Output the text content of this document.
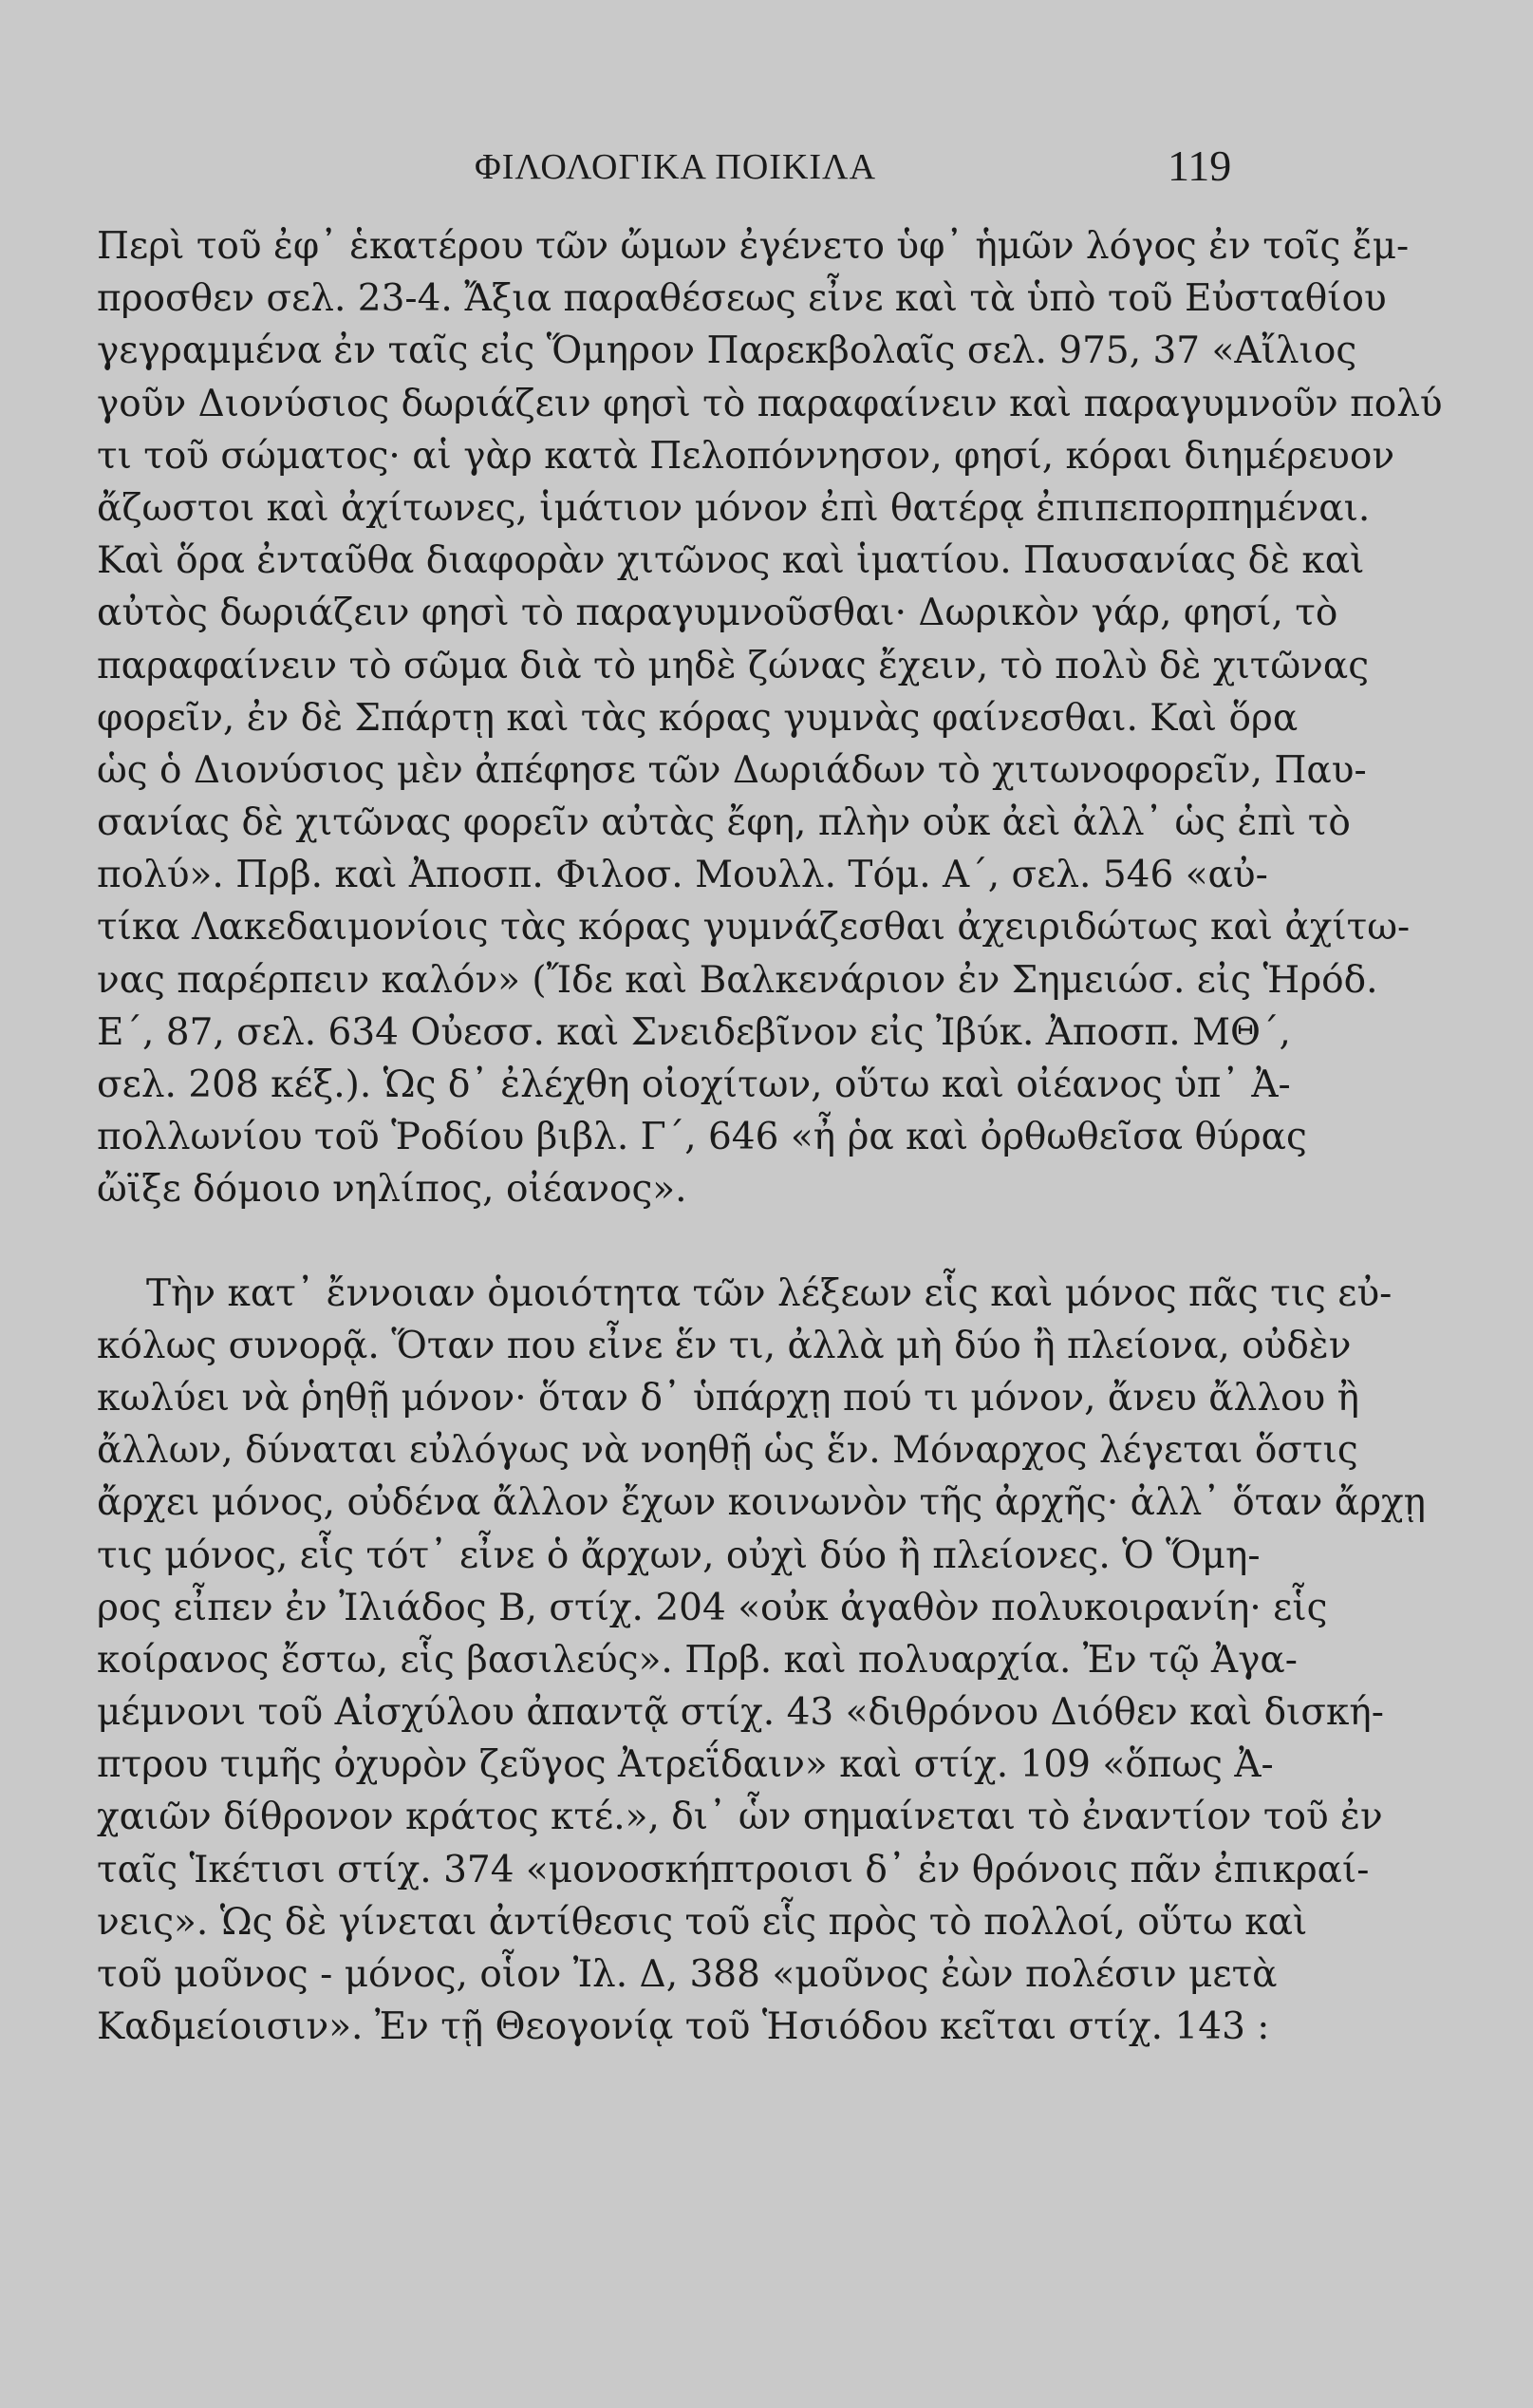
ΦΙΛΟΛΟΓΙΚΑ ΠΟΙΚΙΛΑ	119
Περὶ τοῦ ἐφ᾽ ἑκατέρου τῶν ὤμων ἐγένετο ὑφ᾽ ἡμῶν λόγος ἐν τοῖς ἔμ-
προσθεν σελ. 23-4. Ἄξια παραθέσεως εἶνε καὶ τὰ ὑπὸ τοῦ Εὐσταθίου
γεγραμμένα ἐν ταῖς εἰς Ὅμηρον Παρεκβολαῖς σελ. 975, 37 «Αἴλιος
γοῦν Διονύσιος δωριάζειν φησὶ τὸ παραφαίνειν καὶ παραγυμνοῦν πολύ
τι τοῦ σώματος· αἱ γὰρ κατὰ Πελοπόννησον, φησί, κόραι διημέρευον
ἄζωστοι καὶ ἀχίτωνες, ἱμάτιον μόνον ἐπὶ θατέρᾳ ἐπιπεπορπημέναι.
Καὶ ὅρα ἐνταῦθα διαφορὰν χιτῶνος καὶ ἱματίου. Παυσανίας δὲ καὶ
αὐτὸς δωριάζειν φησὶ τὸ παραγυμνοῦσθαι· Δωρικὸν γάρ, φησί, τὸ
παραφαίνειν τὸ σῶμα διὰ τὸ μηδὲ ζώνας ἔχειν, τὸ πολὺ δὲ χιτῶνας
φορεῖν, ἐν δὲ Σπάρτῃ καὶ τὰς κόρας γυμνὰς φαίνεσθαι. Καὶ ὅρα
ὡς ὁ Διονύσιος μὲν ἀπέφησε τῶν Δωριάδων τὸ χιτωνοφορεῖν, Παυ-
σανίας δὲ χιτῶνας φορεῖν αὐτὰς ἔφη, πλὴν οὐκ ἀεὶ ἀλλ᾽ ὡς ἐπὶ τὸ
πολύ». Πρβ. καὶ Ἀποσπ. Φιλοσ. Μουλλ. Τόμ. Α΄, σελ. 546 «αὐ-
τίκα Λακεδαιμονίοις τὰς κόρας γυμνάζεσθαι ἀχειριδώτως καὶ ἀχίτω-
νας παρέρπειν καλόν» (Ἴδε καὶ Βαλκενάριον ἐν Σημειώσ. εἰς Ἡρόδ.
Ε΄, 87, σελ. 634 Οὐεσσ. καὶ Σνειδεβῖνον εἰς Ἰβύκ. Ἀποσπ. ΜΘ΄,
σελ. 208 κέξ.). Ὡς δ᾽ ἐλέχθη οἰοχίτων, οὕτω καὶ οἰέανος ὑπ᾽ Ἀ-
πολλωνίου τοῦ Ῥοδίου βιβλ. Γ΄, 646 «ἦ ῥα καὶ ὀρθωθεῖσα θύρας
ὤϊξε δόμοιο νηλίπος, οἰέανος».
Τὴν κατ᾽ ἔννοιαν ὁμοιότητα τῶν λέξεων εἷς καὶ μόνος πᾶς τις εὐ-
κόλως συνορᾷ. Ὅταν που εἶνε ἕν τι, ἀλλὰ μὴ δύο ἢ πλείονα, οὐδὲν
κωλύει νὰ ῥηθῇ μόνον· ὅταν δ᾽ ὑπάρχῃ πού τι μόνον, ἄνευ ἄλλου ἢ
ἄλλων, δύναται εὐλόγως νὰ νοηθῇ ὡς ἕν. Μόναρχος λέγεται ὅστις
ἄρχει μόνος, οὐδένα ἄλλον ἔχων κοινωνὸν τῆς ἀρχῆς· ἀλλ᾽ ὅταν ἄρχῃ
τις μόνος, εἷς τότ᾽ εἶνε ὁ ἄρχων, οὐχὶ δύο ἢ πλείονες. Ὁ Ὅμη-
ρος εἶπεν ἐν Ἰλιάδος Β, στίχ. 204 «οὐκ ἀγαθὸν πολυκοιρανίη· εἷς
κοίρανος ἔστω, εἷς βασιλεύς». Πρβ. καὶ πολυαρχία. Ἐν τῷ Ἀγα-
μέμνονι τοῦ Αἰσχύλου ἀπαντᾷ στίχ. 43 «διθρόνου Διόθεν καὶ δισκή-
πτρου τιμῆς ὀχυρὸν ζεῦγος Ἀτρεΐδαιν» καὶ στίχ. 109 «ὅπως Ἀ-
χαιῶν δίθρονον κράτος κτέ.», δι᾽ ὧν σημαίνεται τὸ ἐναντίον τοῦ ἐν
ταῖς Ἱκέτισι στίχ. 374 «μονοσκήπτροισι δ᾽ ἐν θρόνοις πᾶν ἐπικραί-
νεις». Ὡς δὲ γίνεται ἀντίθεσις τοῦ εἷς πρὸς τὸ πολλοί, οὕτω καὶ
τοῦ μοῦνος - μόνος, οἷον Ἰλ. Δ, 388 «μοῦνος ἐὼν πολέσιν μετὰ
Καδμείοισιν». Ἐν τῇ Θεογονίᾳ τοῦ Ἡσιόδου κεῖται στίχ. 143 :
